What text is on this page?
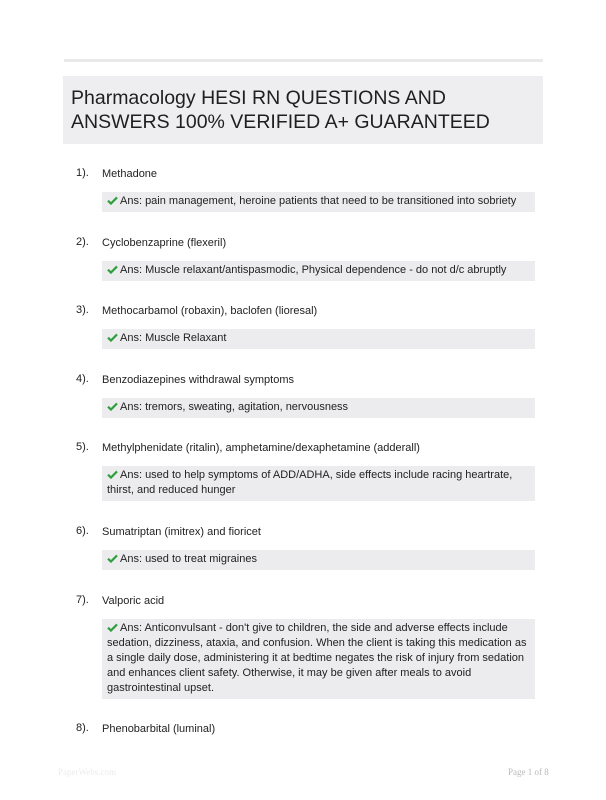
Pharmacology HESI RN QUESTIONS AND
ANSWERS 100% VERIFIED A+ GUARANTEED
1). Methadone
Ans: pain management, heroine patients that need to be transitioned into sobriety
2). Cyclobenzaprine (flexeril)
Ans: Muscle relaxant/antispasmodic, Physical dependence - do not d/c abruptly
3). Methocarbamol (robaxin), baclofen (lioresal)
Ans: Muscle Relaxant
4). Benzodiazepines withdrawal symptoms
Ans: tremors, sweating, agitation, nervousness
5). Methylphenidate (ritalin), amphetamine/dexaphetamine (adderall)
Ans: used to help symptoms of ADD/ADHA, side effects include racing heartrate, thirst, and reduced hunger
6). Sumatriptan (imitrex) and fioricet
Ans: used to treat migraines
7). Valporic acid
Ans: Anticonvulsant - don't give to children, the side and adverse effects include sedation, dizziness, ataxia, and confusion. When the client is taking this medication as a single daily dose, administering it at bedtime negates the risk of injury from sedation and enhances client safety. Otherwise, it may be given after meals to avoid gastrointestinal upset.
8). Phenobarbital (luminal)
PaperWebs.com	Page 1 of 8
